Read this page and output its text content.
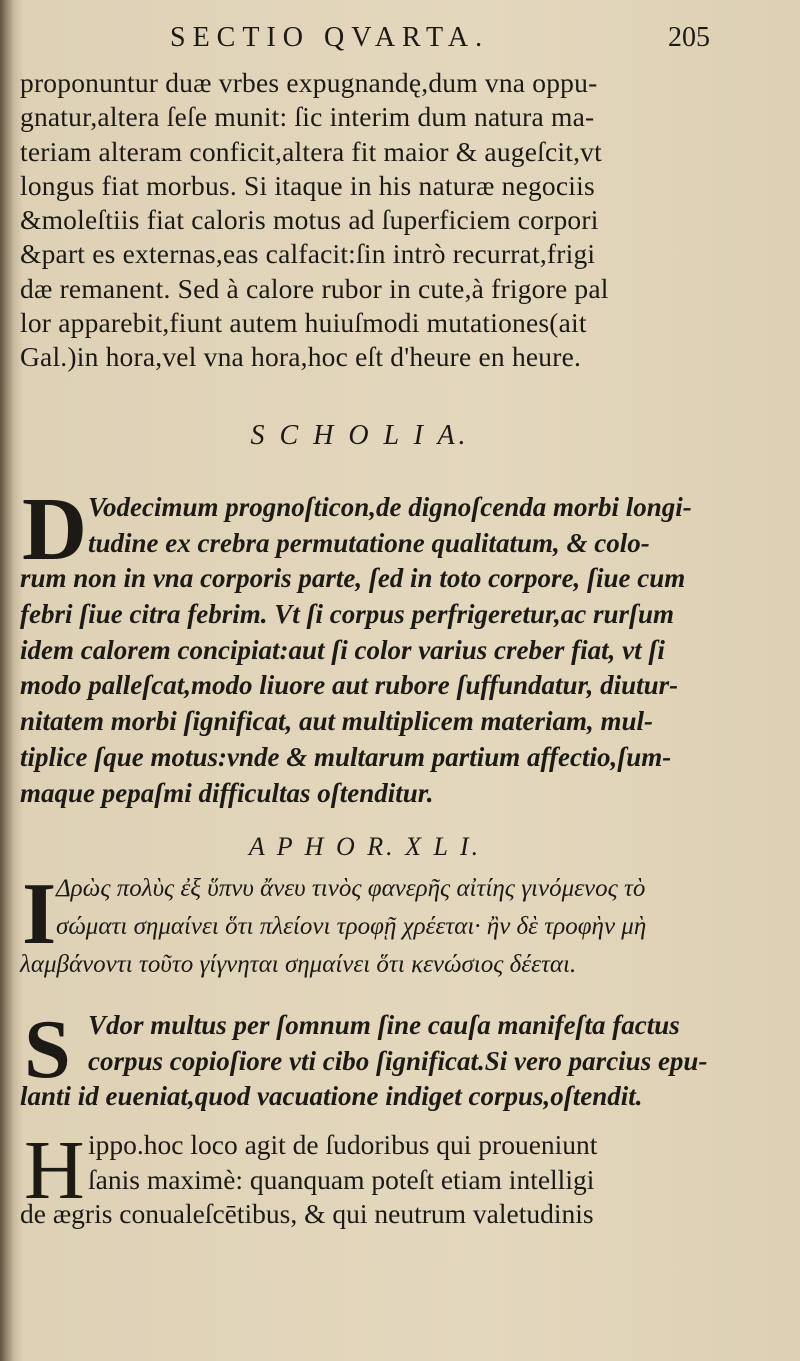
SECTIO QVARTA.	205
proponuntur duæ vrbes expugnandę,dum vna oppu-
gnatur,altera ſeſe munit: ſic interim dum natura ma-
teriam alteram conficit,altera fit maior & augeſcit,vt
longus fiat morbus. Si itaque in his naturæ negociis
&moleſtiis fiat caloris motus ad ſuperficiem corpori
&part es externas,eas calfacit:ſin intrò recurrat,frigi
dæ remanent. Sed à calore rubor in cute,à frigore pal
lor apparebit,fiunt autem huiuſmodi mutationes(ait
Gal.)in hora,vel vna hora,hoc eſt d'heure en heure.
S C H O L I A.
D Vodecimum prognoſticon,de dignoſcenda morbi longi-
tudine ex crebra permutatione qualitatum, & colo-
rum non in vna corporis parte, ſed in toto corpore, ſiue cum
febri ſiue citra febrim. Vt ſi corpus perfrigeretur,ac rurſum
idem calorem concipiat:aut ſi color varius creber fiat, vt ſi
modo palleſcat,modo liuore aut rubore ſuffundatur, diutur-
nitatem morbi ſignificat, aut multiplicem materiam, mul-
tiplice ſque motus:vnde & multarum partium affectio,ſum-
maque pepaſmi difficultas oſtenditur.
A P H O R. X L I.
I Δρὼς πολὺς ἐξ ὕπνυ ἄνευ τινὸς φανερῆς αἰτίης γινόμενος τὸ
σώματι σημαίνει ὅτι πλείονι τροφῇ χρέεται· ἢν δὲ τροφὴν μὴ
λαμβάνοντι τοῦτο γίγνηται σημαίνει ὅτι κενώσιος δέεται.
S Vdor multus per ſomnum ſine cauſa manifeſta factus
corpus copioſiore vti cibo ſignificat.Si vero parcius epu-
lanti id eueniat,quod vacuatione indiget corpus,oſtendit.
H ippo.hoc loco agit de ſudoribus qui proueniunt
ſanis maximè: quanquam poteſt etiam intelligi
de ægris conualeſcētibus, & qui neutrum valetudinis
